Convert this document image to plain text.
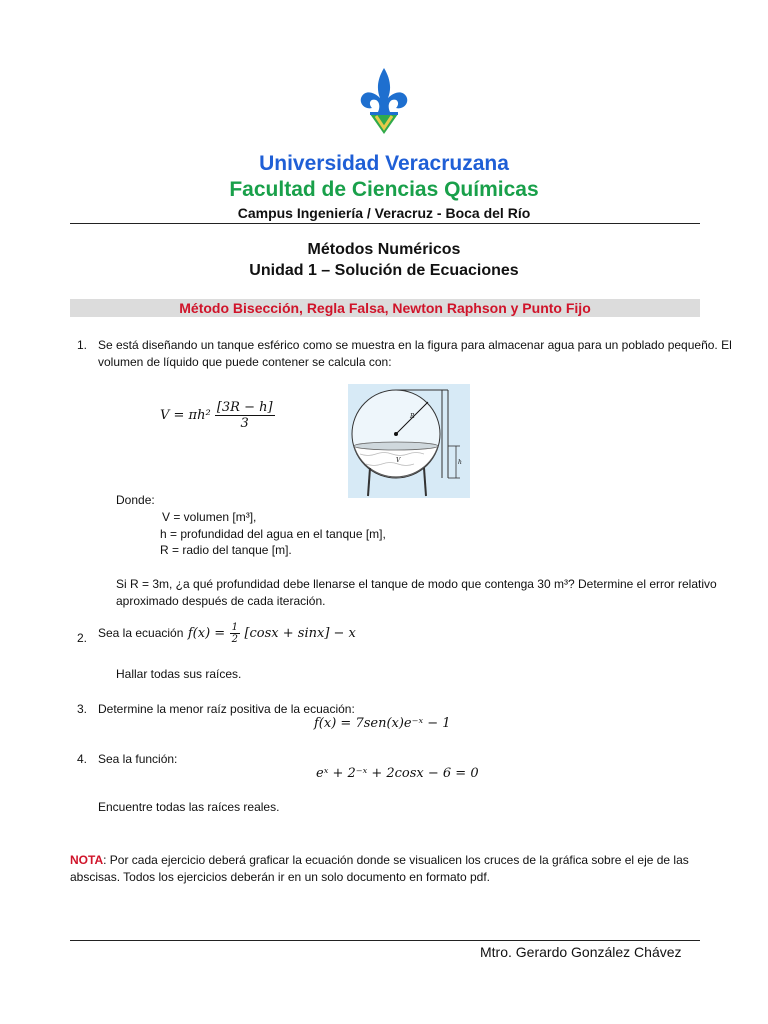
Universidad Veracruzana
Facultad de Ciencias Químicas
Campus Ingeniería / Veracruz - Boca del Río
Métodos Numéricos
Unidad 1 – Solución de Ecuaciones
Método Bisección, Regla Falsa, Newton Raphson y Punto Fijo
1. Se está diseñando un tanque esférico como se muestra en la figura para almacenar agua para un poblado pequeño. El
volumen de líquido que puede contener se calcula con:
$V = \pi h^2 \frac{[3R - h]}{3}$	R
V	h
Donde:
V = volumen [m³],
h = profundidad del agua en el tanque [m],
R = radio del tanque [m].
Si R = 3m, ¿a qué profundidad debe llenarse el tanque de modo que contenga 30 m³? Determine el error relativo
aproximado después de cada iteración.
2. Sea la ecuación $f(x) = \frac{1}{2} [\cos x + \sin x] - x$
Hallar todas sus raíces.
3. Determine la menor raíz positiva de la ecuación:
f(x) = 7sen(x)e⁻ˣ − 1
4. Sea la función:
eˣ + 2⁻ˣ + 2cosx − 6 = 0
Encuentre todas las raíces reales.
NOTA: Por cada ejercicio deberá graficar la ecuación donde se visualicen los cruces de la gráfica sobre el eje de las
abscisas. Todos los ejercicios deberán ir en un solo documento en formato pdf.
Mtro. Gerardo González Chávez
